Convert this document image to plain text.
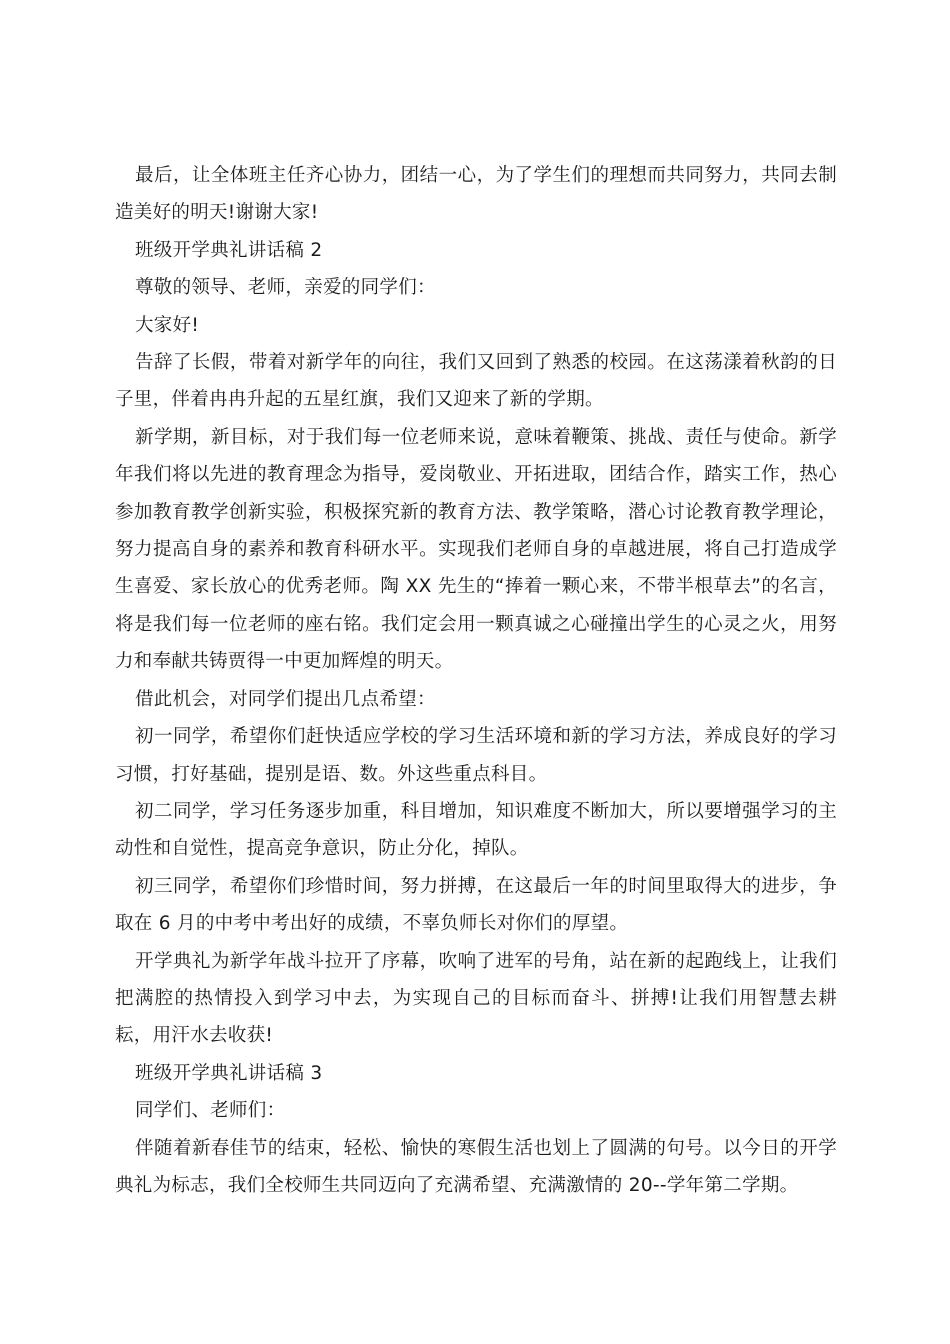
最后，让全体班主任齐心协力，团结一心，为了学生们的理想而共同努力，共同去制造美好的明天!谢谢大家!

班级开学典礼讲话稿 2

尊敬的领导、老师，亲爱的同学们：

大家好!

告辞了长假，带着对新学年的向往，我们又回到了熟悉的校园。在这荡漾着秋韵的日子里，伴着冉冉升起的五星红旗，我们又迎来了新的学期。

新学期，新目标，对于我们每一位老师来说，意味着鞭策、挑战、责任与使命。新学年我们将以先进的教育理念为指导，爱岗敬业、开拓进取，团结合作，踏实工作，热心参加教育教学创新实验，积极探究新的教育方法、教学策略，潜心讨论教育教学理论，努力提高自身的素养和教育科研水平。实现我们老师自身的卓越进展，将自己打造成学生喜爱、家长放心的优秀老师。陶 XX 先生的“捧着一颗心来，不带半根草去”的名言，将是我们每一位老师的座右铭。我们定会用一颗真诚之心碰撞出学生的心灵之火，用努力和奉献共铸贾得一中更加辉煌的明天。

借此机会，对同学们提出几点希望：

初一同学，希望你们赶快适应学校的学习生活环境和新的学习方法，养成良好的学习习惯，打好基础，提别是语、数。外这些重点科目。

初二同学，学习任务逐步加重，科目增加，知识难度不断加大，所以要增强学习的主动性和自觉性，提高竞争意识，防止分化，掉队。

初三同学，希望你们珍惜时间，努力拼搏，在这最后一年的时间里取得大的进步，争取在 6 月的中考中考出好的成绩，不辜负师长对你们的厚望。

开学典礼为新学年战斗拉开了序幕，吹响了进军的号角，站在新的起跑线上，让我们把满腔的热情投入到学习中去，为实现自己的目标而奋斗、拼搏!让我们用智慧去耕耘，用汗水去收获!

班级开学典礼讲话稿 3

同学们、老师们：

伴随着新春佳节的结束，轻松、愉快的寒假生活也划上了圆满的句号。以今日的开学典礼为标志，我们全校师生共同迈向了充满希望、充满激情的 20--学年第二学期。
